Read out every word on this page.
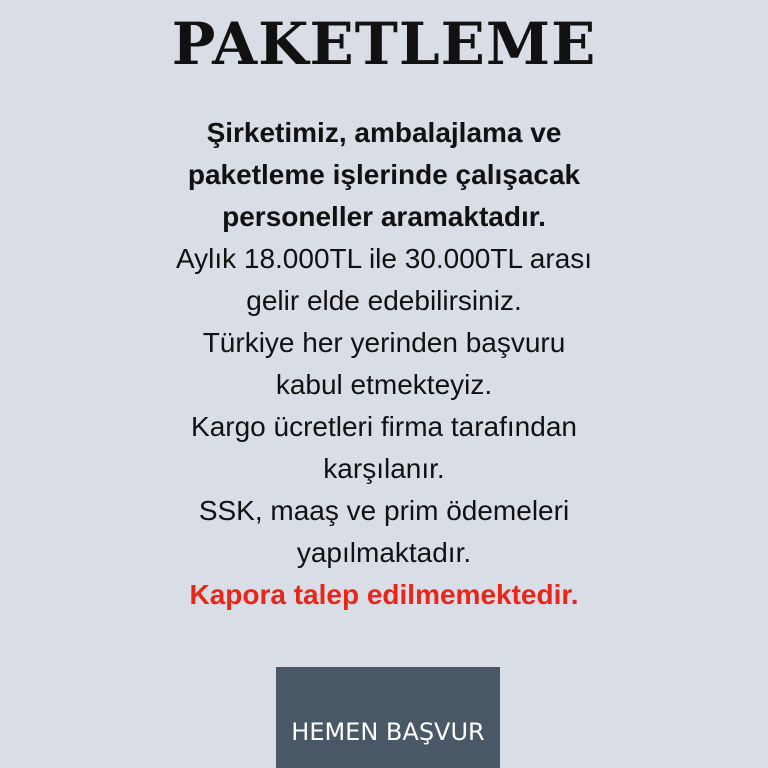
PAKETLEME
Şirketimiz, ambalajlama ve
paketleme işlerinde çalışacak
personeller aramaktadır.
Aylık 18.000TL ile 30.000TL arası
gelir elde edebilirsiniz.
Türkiye her yerinden başvuru
kabul etmekteyiz.
Kargo ücretleri firma tarafından
karşılanır.
SSK, maaş ve prim ödemeleri
yapılmaktadır.
Kapora talep edilmemektedir.
HEMEN BAŞVUR
